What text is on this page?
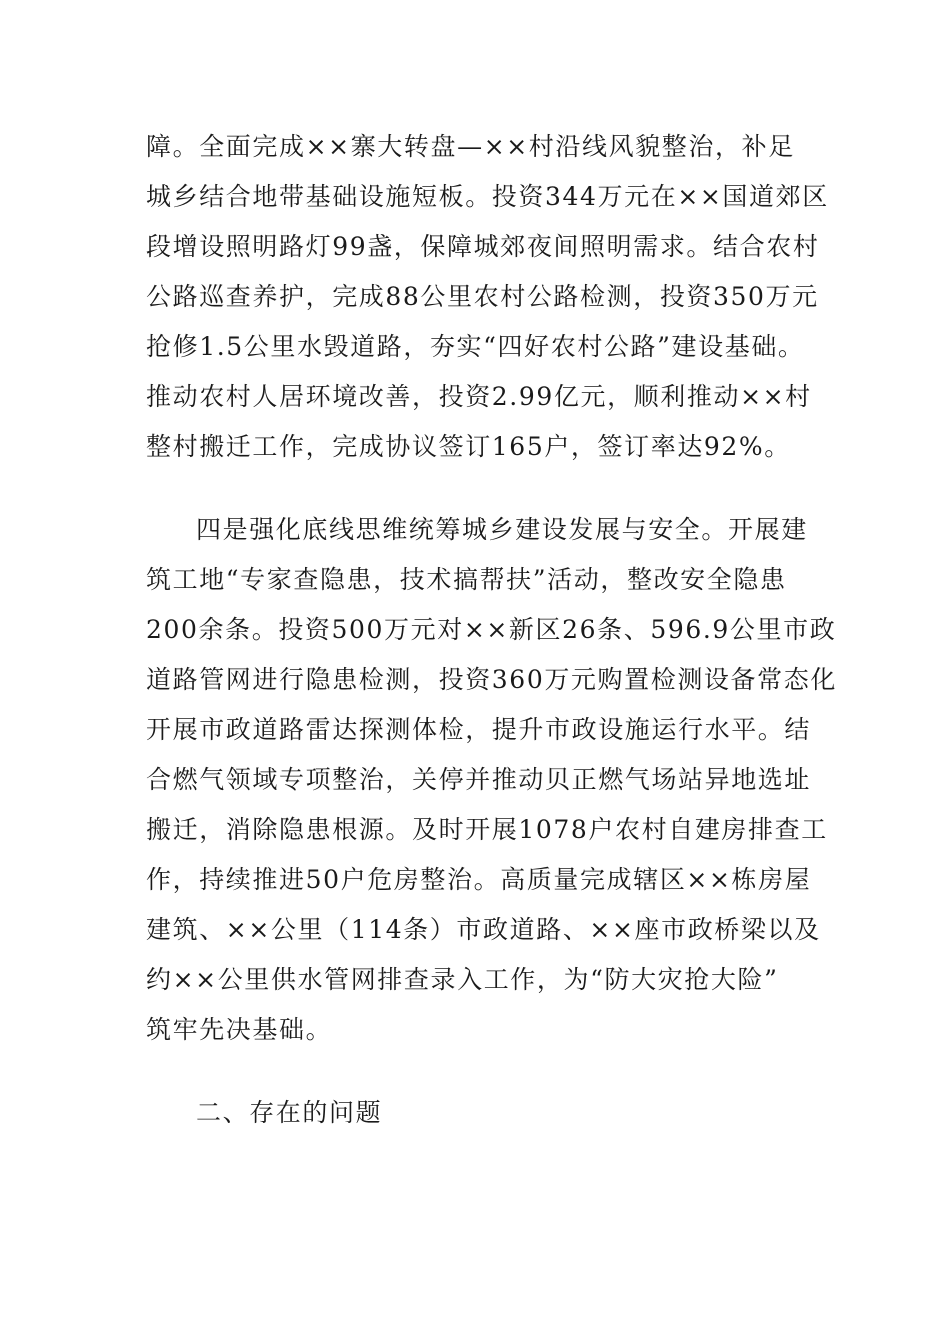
障。全面完成××寨大转盘—××村沿线风貌整治，补足
城乡结合地带基础设施短板。投资344万元在××国道郊区
段增设照明路灯99盏，保障城郊夜间照明需求。结合农村
公路巡查养护，完成88公里农村公路检测，投资350万元
抢修1.5公里水毁道路，夯实“四好农村公路”建设基础。
推动农村人居环境改善，投资2.99亿元，顺利推动××村
整村搬迁工作，完成协议签订165户，签订率达92%。
四是强化底线思维统筹城乡建设发展与安全。开展建
筑工地“专家查隐患，技术搞帮扶”活动，整改安全隐患
200余条。投资500万元对××新区26条、596.9公里市政
道路管网进行隐患检测，投资360万元购置检测设备常态化
开展市政道路雷达探测体检，提升市政设施运行水平。结
合燃气领域专项整治，关停并推动贝正燃气场站异地选址
搬迁，消除隐患根源。及时开展1078户农村自建房排查工
作，持续推进50户危房整治。高质量完成辖区××栋房屋
建筑、××公里（114条）市政道路、××座市政桥梁以及
约××公里供水管网排查录入工作，为“防大灾抢大险”
筑牢先决基础。
二、存在的问题
